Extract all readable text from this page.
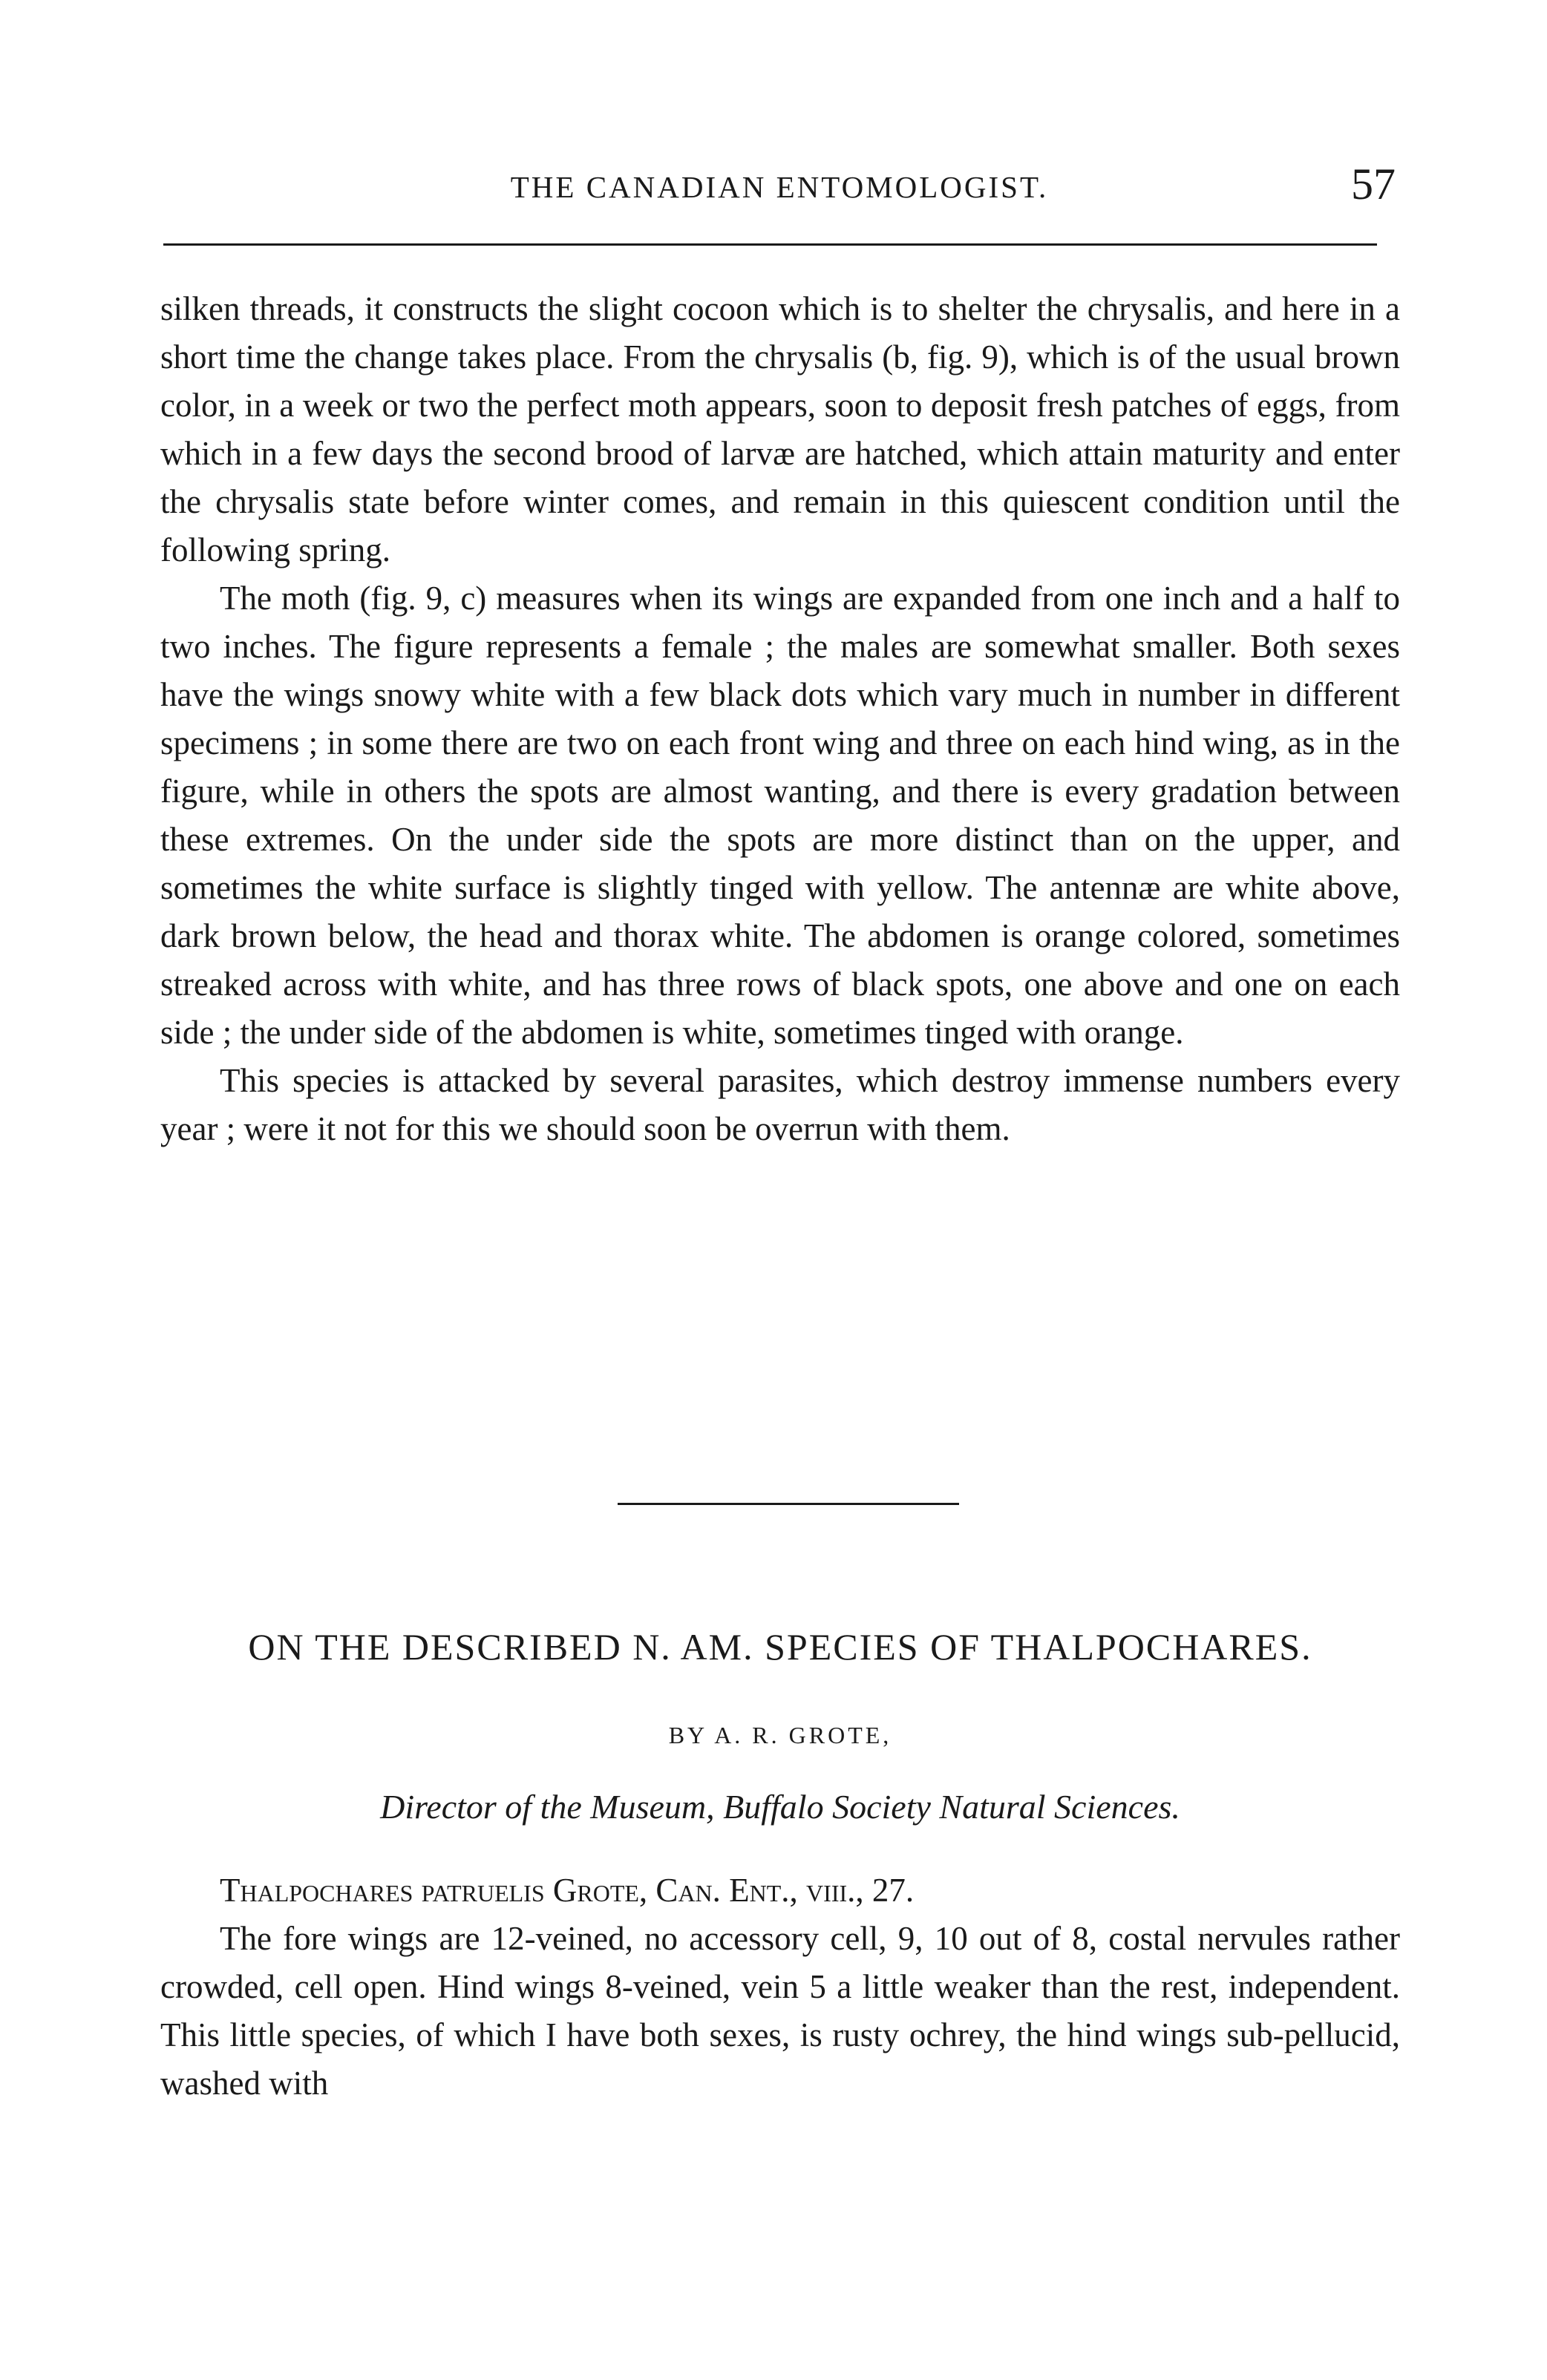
THE CANADIAN ENTOMOLOGIST.	57

silken threads, it constructs the slight cocoon which is to shelter the chrysalis, and here in a short time the change takes place. From the chrysalis (b, fig. 9), which is of the usual brown color, in a week or two the perfect moth appears, soon to deposit fresh patches of eggs, from which in a few days the second brood of larvæ are hatched, which attain maturity and enter the chrysalis state before winter comes, and remain in this quiescent condition until the following spring.

The moth (fig. 9, c) measures when its wings are expanded from one inch and a half to two inches. The figure represents a female ; the males are somewhat smaller. Both sexes have the wings snowy white with a few black dots which vary much in number in different specimens ; in some there are two on each front wing and three on each hind wing, as in the figure, while in others the spots are almost wanting, and there is every gradation between these extremes. On the under side the spots are more distinct than on the upper, and sometimes the white surface is slightly tinged with yellow. The antennæ are white above, dark brown below, the head and thorax white. The abdomen is orange colored, sometimes streaked across with white, and has three rows of black spots, one above and one on each side ; the under side of the abdomen is white, sometimes tinged with orange.

This species is attacked by several parasites, which destroy immense numbers every year ; were it not for this we should soon be overrun with them.

ON THE DESCRIBED N. AM. SPECIES OF THALPOCHARES.
BY A. R. GROTE,
Director of the Museum, Buffalo Society Natural Sciences.

Thalpochares patruelis Grote, Can. Ent., viii., 27.

The fore wings are 12-veined, no accessory cell, 9, 10 out of 8, costal nervules rather crowded, cell open. Hind wings 8-veined, vein 5 a little weaker than the rest, independent. This little species, of which I have both sexes, is rusty ochrey, the hind wings sub-pellucid, washed with
